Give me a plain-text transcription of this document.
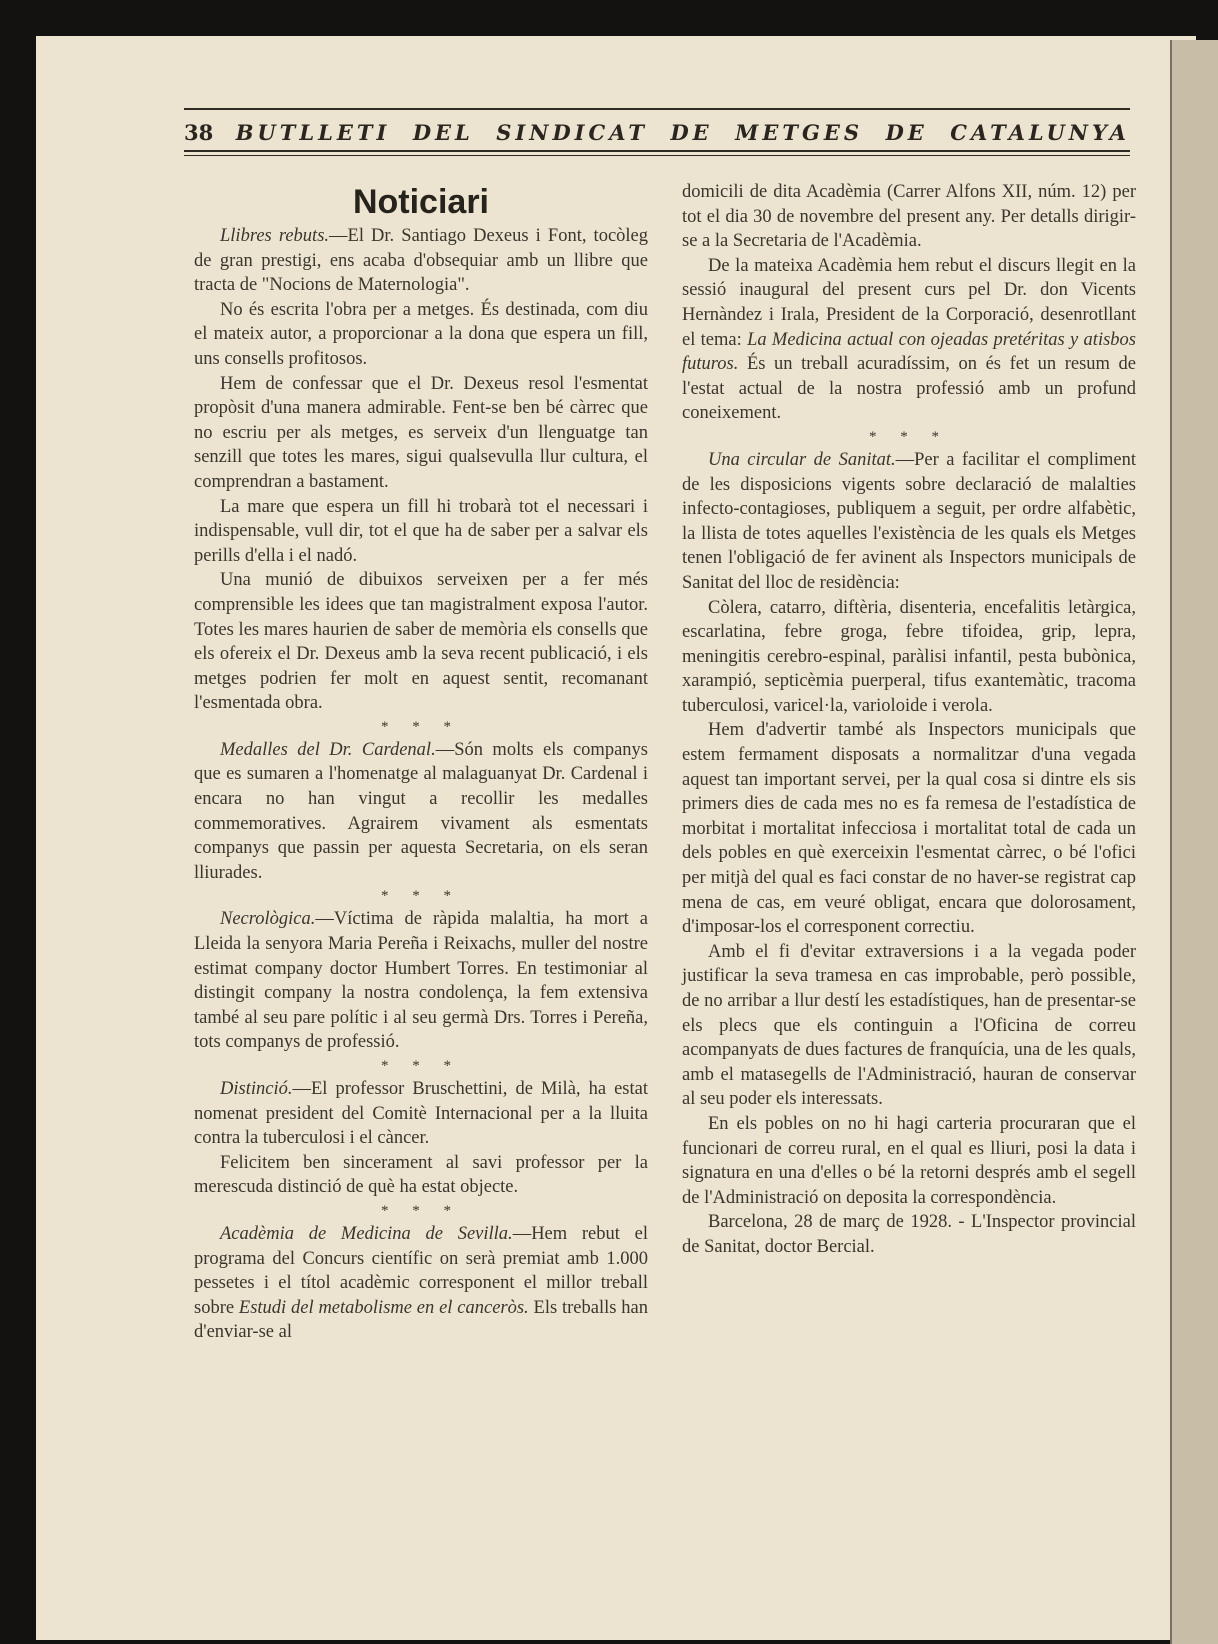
38 BUTLLETI DEL SINDICAT DE METGES DE CATALUNYA
Noticiari

Llibres rebuts.—El Dr. Santiago Dexeus i Font, tocòleg de gran prestigi, ens acaba d'obsequiar amb un llibre que tracta de "Nocions de Maternologia".

No és escrita l'obra per a metges. És destinada, com diu el mateix autor, a proporcionar a la dona que espera un fill, uns consells profitosos.

Hem de confessar que el Dr. Dexeus resol l'esmentat propòsit d'una manera admirable. Fent-se ben bé càrrec que no escriu per als metges, es serveix d'un llenguatge tan senzill que totes les mares, sigui qualsevulla llur cultura, el comprendran a bastament.

La mare que espera un fill hi trobarà tot el necessari i indispensable, vull dir, tot el que ha de saber per a salvar els perills d'ella i el nadó.

Una munió de dibuixos serveixen per a fer més comprensible les idees que tan magistralment exposa l'autor. Totes les mares haurien de saber de memòria els consells que els ofereix el Dr. Dexeus amb la seva recent publicació, i els metges podrien fer molt en aquest sentit, recomanant l'esmentada obra.

* * *

Medalles del Dr. Cardenal.—Són molts els companys que es sumaren a l'homenatge al malaguanyat Dr. Cardenal i encara no han vingut a recollir les medalles commemoratives. Agrairem vivament als esmentats companys que passin per aquesta Secretaria, on els seran lliurades.

* * *

Necrològica.—Víctima de ràpida malaltia, ha mort a Lleida la senyora Maria Pereña i Reixachs, muller del nostre estimat company doctor Humbert Torres. En testimoniar al distingit company la nostra condolença, la fem extensiva també al seu pare polític i al seu germà Drs. Torres i Pereña, tots companys de professió.

* * *

Distinció.—El professor Bruschettini, de Milà, ha estat nomenat president del Comitè Internacional per a la lluita contra la tuberculosi i el càncer.

Felicitem ben sincerament al savi professor per la merescuda distinció de què ha estat objecte.

* * *

Acadèmia de Medicina de Sevilla.—Hem rebut el programa del Concurs científic on serà premiat amb 1.000 pessetes i el títol acadèmic corresponent el millor treball sobre Estudi del metabolisme en el canceròs. Els treballs han d'enviar-se al

domicili de dita Acadèmia (Carrer Alfons XII, núm. 12) per tot el dia 30 de novembre del present any. Per detalls dirigir-se a la Secretaria de l'Acadèmia.

De la mateixa Acadèmia hem rebut el discurs llegit en la sessió inaugural del present curs pel Dr. don Vicents Hernàndez i Irala, President de la Corporació, desenrotllant el tema: La Medicina actual con ojeadas pretéritas y atisbos futuros. És un treball acuradíssim, on és fet un resum de l'estat actual de la nostra professió amb un profund coneixement.

* * *

Una circular de Sanitat.—Per a facilitar el compliment de les disposicions vigents sobre declaració de malalties infecto-contagioses, publiquem a seguit, per ordre alfabètic, la llista de totes aquelles l'existència de les quals els Metges tenen l'obligació de fer avinent als Inspectors municipals de Sanitat del lloc de residència:

Còlera, catarro, diftèria, disenteria, encefalitis letàrgica, escarlatina, febre groga, febre tifoidea, grip, lepra, meningitis cerebro-espinal, paràlisi infantil, pesta bubònica, xarampió, septicèmia puerperal, tifus exantemàtic, tracoma tuberculosi, varicel·la, varioloide i verola.

Hem d'advertir també als Inspectors municipals que estem fermament disposats a normalitzar d'una vegada aquest tan important servei, per la qual cosa si dintre els sis primers dies de cada mes no es fa remesa de l'estadística de morbitat i mortalitat infecciosa i mortalitat total de cada un dels pobles en què exerceixin l'esmentat càrrec, o bé l'ofici per mitjà del qual es faci constar de no haver-se registrat cap mena de cas, em veuré obligat, encara que dolorosament, d'imposar-los el corresponent correctiu.

Amb el fi d'evitar extraversions i a la vegada poder justificar la seva tramesa en cas improbable, però possible, de no arribar a llur destí les estadístiques, han de presentar-se els plecs que els continguin a l'Oficina de correu acompanyats de dues factures de franquícia, una de les quals, amb el matasegells de l'Administració, hauran de conservar al seu poder els interessats.

En els pobles on no hi hagi carteria procuraran que el funcionari de correu rural, en el qual es lliuri, posi la data i signatura en una d'elles o bé la retorni després amb el segell de l'Administració on deposita la correspondència.

Barcelona, 28 de març de 1928. - L'Inspector provincial de Sanitat, doctor Bercial.
